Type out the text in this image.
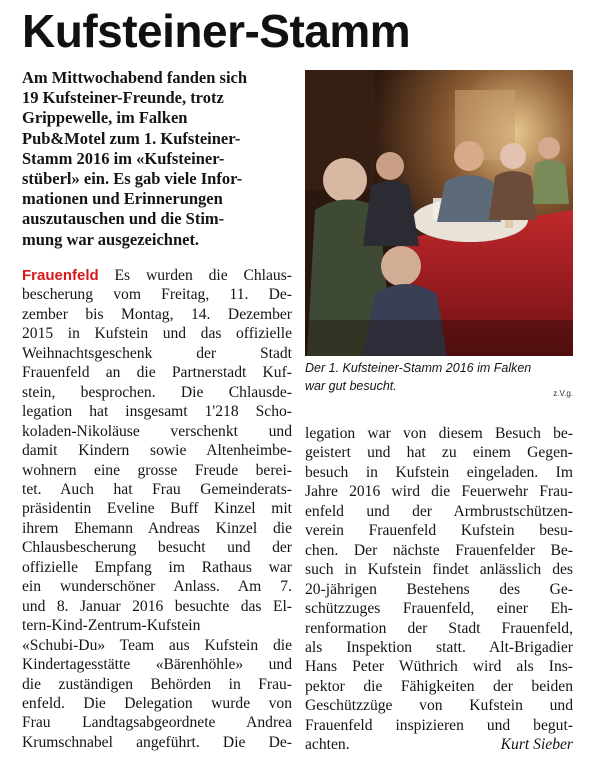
Kufsteiner-Stamm
Am Mittwochabend fanden sich
19 Kufsteiner-Freunde, trotz
Grippewelle, im Falken
Pub&Motel zum 1. Kufsteiner-
Stamm 2016 im «Kufsteiner-
stüberl» ein. Es gab viele Infor-
mationen und Erinnerungen
auszutauschen und die Stim-
mung war ausgezeichnet.
Der 1. Kufsteiner-Stamm 2016 im Falken
war gut besucht.
z.V.g.
Frauenfeld Es wurden die Chlaus-
bescherung vom Freitag, 11. De-
zember bis Montag, 14. Dezember
2015 in Kufstein und das offizielle
Weihnachtsgeschenk der Stadt
Frauenfeld an die Partnerstadt Kuf-
stein, besprochen. Die Chlausde-
legation hat insgesamt 1'218 Scho-
koladen-Nikoläuse verschenkt und
damit Kindern sowie Altenheimbe-
wohnern eine grosse Freude berei-
tet. Auch hat Frau Gemeinderats-
präsidentin Eveline Buff Kinzel mit
ihrem Ehemann Andreas Kinzel die
Chlausbescherung besucht und der
offizielle Empfang im Rathaus war
ein wunderschöner Anlass. Am 7.
und 8. Januar 2016 besuchte das El-
tern-Kind-Zentrum-Kufstein
«Schubi-Du» Team aus Kufstein die
Kindertagesstätte «Bärenhöhle» und
die zuständigen Behörden in Frau-
enfeld. Die Delegation wurde von
Frau Landtagsabgeordnete Andrea
Krumschnabel angeführt. Die De-
legation war von diesem Besuch be-
geistert und hat zu einem Gegen-
besuch in Kufstein eingeladen. Im
Jahre 2016 wird die Feuerwehr Frau-
enfeld und der Armbrustschützen-
verein Frauenfeld Kufstein besu-
chen. Der nächste Frauenfelder Be-
such in Kufstein findet anlässlich des
20-jährigen Bestehens des Ge-
schützzuges Frauenfeld, einer Eh-
renformation der Stadt Frauenfeld,
als Inspektion statt. Alt-Brigadier
Hans Peter Wüthrich wird als Ins-
pektor die Fähigkeiten der beiden
Geschützzüge von Kufstein und
Frauenfeld inspizieren und begut-
achten.	Kurt Sieber
